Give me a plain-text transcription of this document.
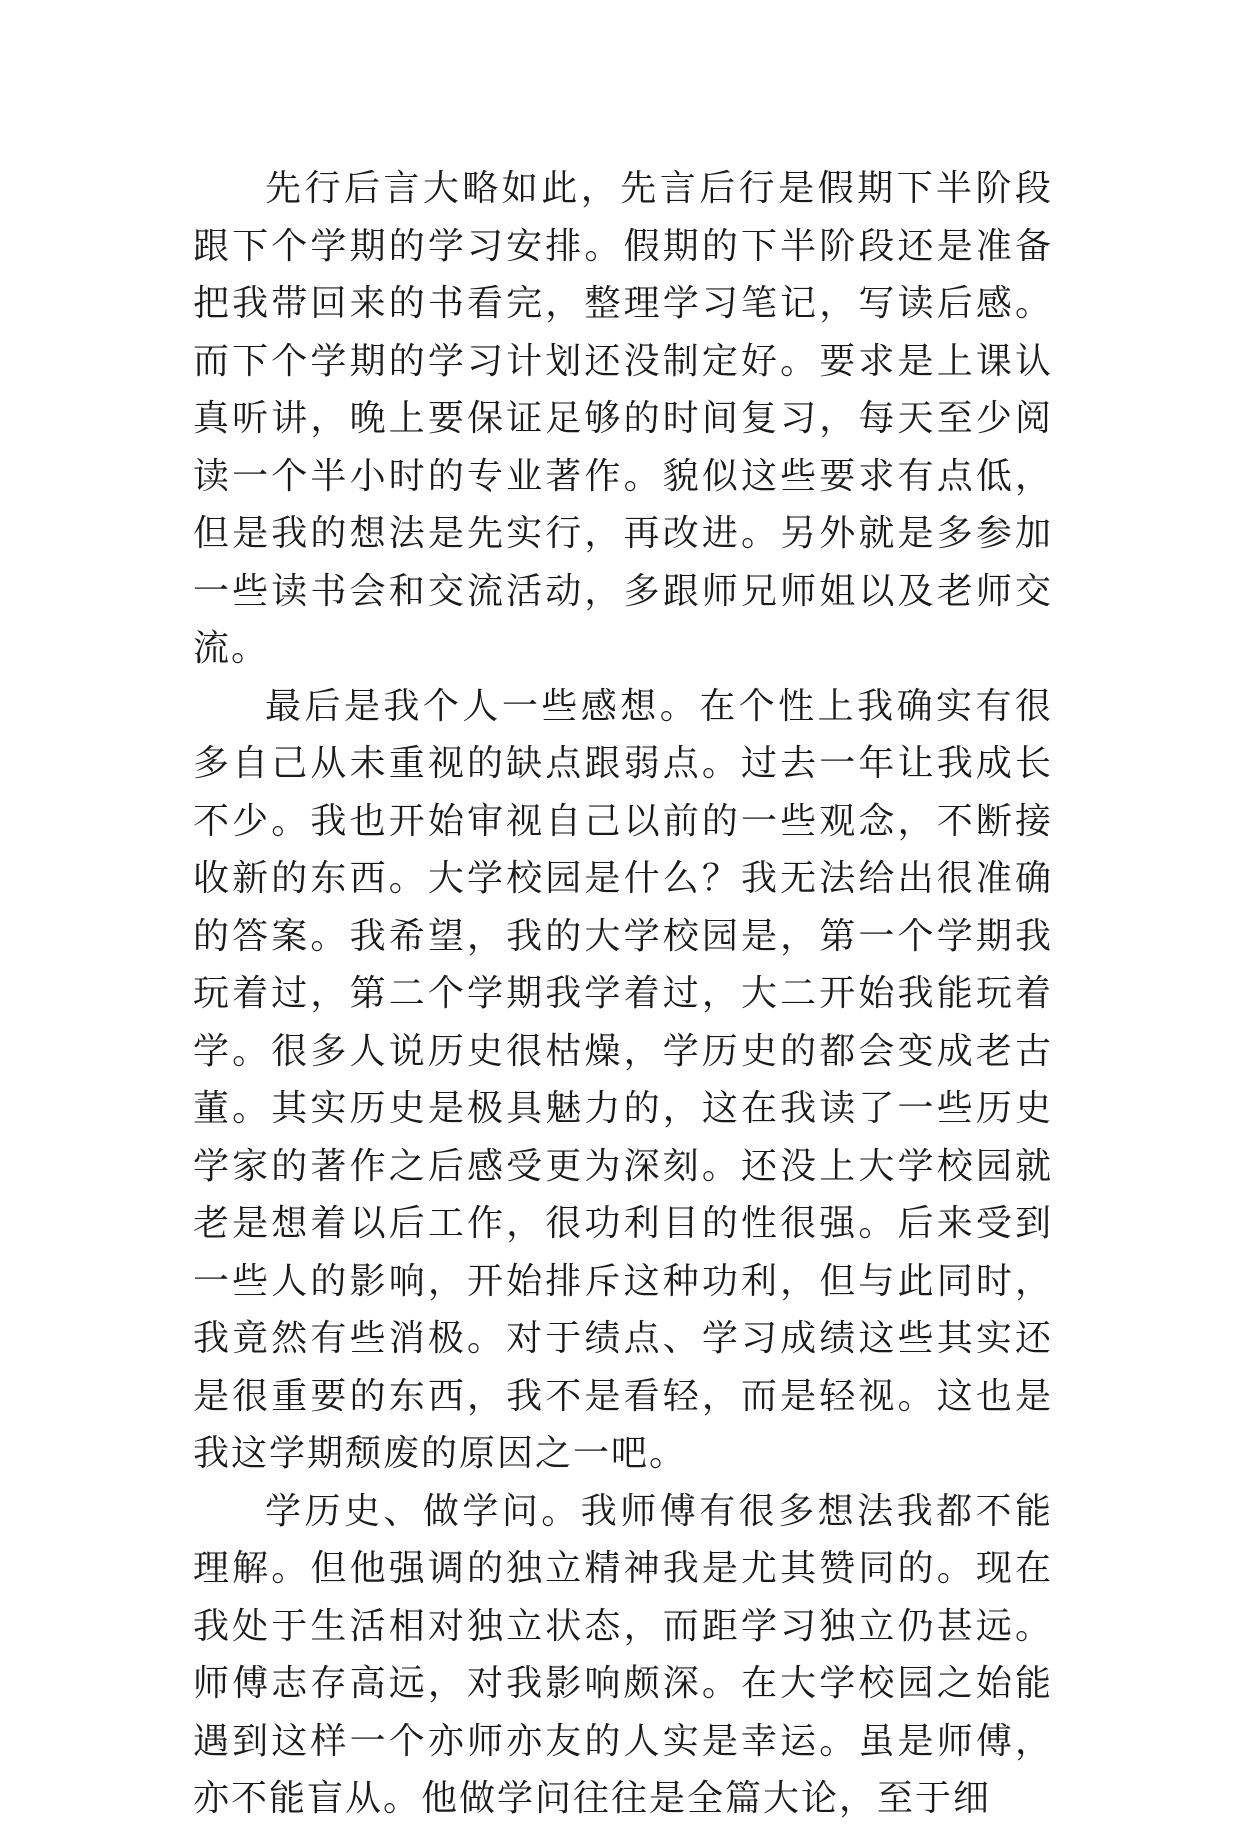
先行后言大略如此，先言后行是假期下半阶段跟下个学期的学习安排。假期的下半阶段还是准备把我带回来的书看完，整理学习笔记，写读后感。而下个学期的学习计划还没制定好。要求是上课认真听讲，晚上要保证足够的时间复习，每天至少阅读一个半小时的专业著作。貌似这些要求有点低，但是我的想法是先实行，再改进。另外就是多参加一些读书会和交流活动，多跟师兄师姐以及老师交流。

最后是我个人一些感想。在个性上我确实有很多自己从未重视的缺点跟弱点。过去一年让我成长不少。我也开始审视自己以前的一些观念，不断接收新的东西。大学校园是什么？我无法给出很准确的答案。我希望，我的大学校园是，第一个学期我玩着过，第二个学期我学着过，大二开始我能玩着学。很多人说历史很枯燥，学历史的都会变成老古董。其实历史是极具魅力的，这在我读了一些历史学家的著作之后感受更为深刻。还没上大学校园就老是想着以后工作，很功利目的性很强。后来受到一些人的影响，开始排斥这种功利，但与此同时，我竟然有些消极。对于绩点、学习成绩这些其实还是很重要的东西，我不是看轻，而是轻视。这也是我这学期颓废的原因之一吧。

学历史、做学问。我师傅有很多想法我都不能理解。但他强调的独立精神我是尤其赞同的。现在我处于生活相对独立状态，而距学习独立仍甚远。师傅志存高远，对我影响颇深。在大学校园之始能遇到这样一个亦师亦友的人实是幸运。虽是师傅，亦不能盲从。他做学问往往是全篇大论，至于细
